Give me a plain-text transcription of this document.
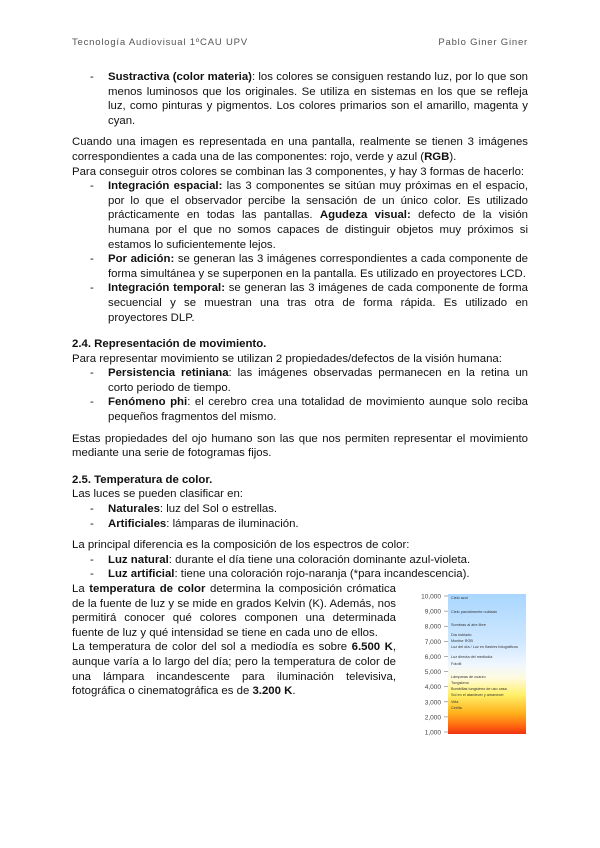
Tecnología Audiovisual 1ºCAU UPV	Pablo Giner Giner
- Sustractiva (color materia): los colores se consiguen restando luz, por lo que son menos luminosos que los originales. Se utiliza en sistemas en los que se refleja luz, como pinturas y pigmentos. Los colores primarios son el amarillo, magenta y cyan.

Cuando una imagen es representada en una pantalla, realmente se tienen 3 imágenes correspondientes a cada una de las componentes: rojo, verde y azul (RGB).

Para conseguir otros colores se combinan las 3 componentes, y hay 3 formas de hacerlo:

- Integración espacial: las 3 componentes se sitúan muy próximas en el espacio, por lo que el observador percibe la sensación de un único color. Es utilizado prácticamente en todas las pantallas. Agudeza visual: defecto de la visión humana por el que no somos capaces de distinguir objetos muy próximos si estamos lo suficientemente lejos.
- Por adición: se generan las 3 imágenes correspondientes a cada componente de forma simultánea y se superponen en la pantalla. Es utilizado en proyectores LCD.
- Integración temporal: se generan las 3 imágenes de cada componente de forma secuencial y se muestran una tras otra de forma rápida. Es utilizado en proyectores DLP.
2.4. Representación de movimiento.

Para representar movimiento se utilizan 2 propiedades/defectos de la visión humana:

- Persistencia retiniana: las imágenes observadas permanecen en la retina un corto periodo de tiempo.
- Fenómeno phi: el cerebro crea una totalidad de movimiento aunque solo reciba pequeños fragmentos del mismo.

Estas propiedades del ojo humano son las que nos permiten representar el movimiento mediante una serie de fotogramas fijos.

2.5. Temperatura de color.

Las luces se pueden clasificar en:

- Naturales: luz del Sol o estrellas.
- Artificiales: lámparas de iluminación.

La principal diferencia es la composición de los espectros de color:

- Luz natural: durante el día tiene una coloración dominante azul-violeta.
- Luz artificial: tiene una coloración rojo-naranja (*para incandescencia).

La temperatura de color determina la composición crómatica de la fuente de luz y se mide en grados Kelvin (K). Además, nos permitirá conocer qué colores componen una determinada fuente de luz y qué intensidad se tiene en cada uno de ellos.

La temperatura de color del sol a mediodía es sobre 6.500 K, aunque varía a lo largo del día; pero la temperatura de color de una lámpara incandescente para iluminación televisiva, fotográfica o cinematográfica es de 3.200 K.

10,000
9,000
8,000
7,000
6,000
5,000
4,000
3,000
2,000
1,000
Cielo azul
Cielo parcialmente nublado
Sombras al aire libre
Día nublado
Monitor RGB
Luz del día / Luz en flashes fotográficos
Luz directa del mediodía
Fotofil
Lámparas de cuarzo
Tungsteno
Bombillas tungsteno de uso casa
Sol en el atardecer y amanecer
Vela
Cerilla
